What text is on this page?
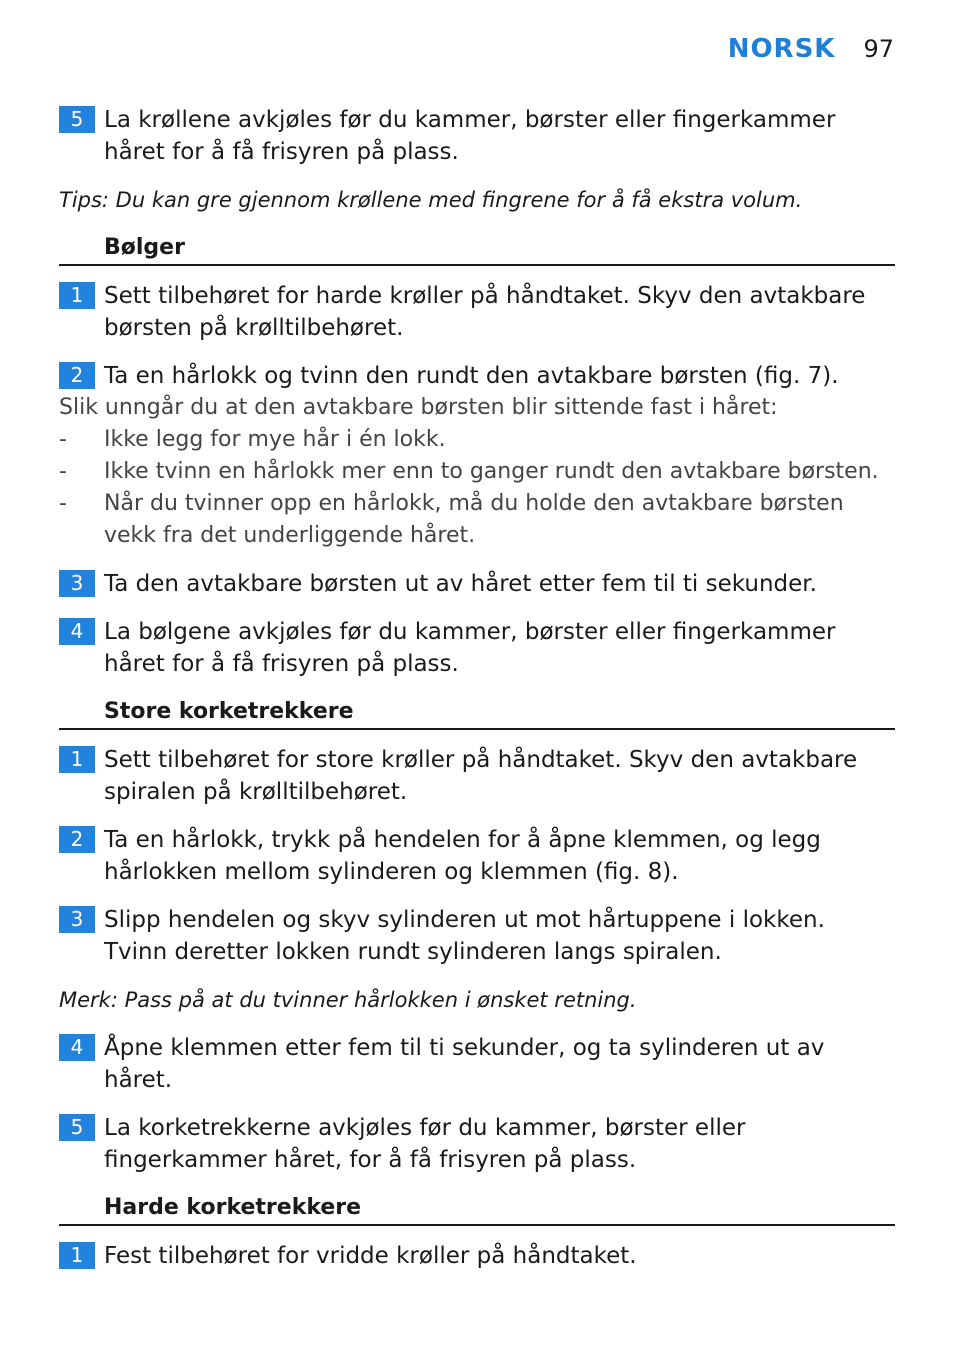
NORSK 97
5 La krøllene avkjøles før du kammer, børster eller fingerkammer håret for å få frisyren på plass.
Tips: Du kan gre gjennom krøllene med fingrene for å få ekstra volum.
Bølger
1 Sett tilbehøret for harde krøller på håndtaket. Skyv den avtakbare børsten på krølltilbehøret.
2 Ta en hårlokk og tvinn den rundt den avtakbare børsten (fig. 7).
Slik unngår du at den avtakbare børsten blir sittende fast i håret:
- Ikke legg for mye hår i én lokk.
- Ikke tvinn en hårlokk mer enn to ganger rundt den avtakbare børsten.
- Når du tvinner opp en hårlokk, må du holde den avtakbare børsten vekk fra det underliggende håret.
3 Ta den avtakbare børsten ut av håret etter fem til ti sekunder.
4 La bølgene avkjøles før du kammer, børster eller fingerkammer håret for å få frisyren på plass.
Store korketrekkere
1 Sett tilbehøret for store krøller på håndtaket. Skyv den avtakbare spiralen på krølltilbehøret.
2 Ta en hårlokk, trykk på hendelen for å åpne klemmen, og legg hårlokken mellom sylinderen og klemmen (fig. 8).
3 Slipp hendelen og skyv sylinderen ut mot hårtuppene i lokken. Tvinn deretter lokken rundt sylinderen langs spiralen.
Merk: Pass på at du tvinner hårlokken i ønsket retning.
4 Åpne klemmen etter fem til ti sekunder, og ta sylinderen ut av håret.
5 La korketrekkerne avkjøles før du kammer, børster eller fingerkammer håret, for å få frisyren på plass.
Harde korketrekkere
1 Fest tilbehøret for vridde krøller på håndtaket.
